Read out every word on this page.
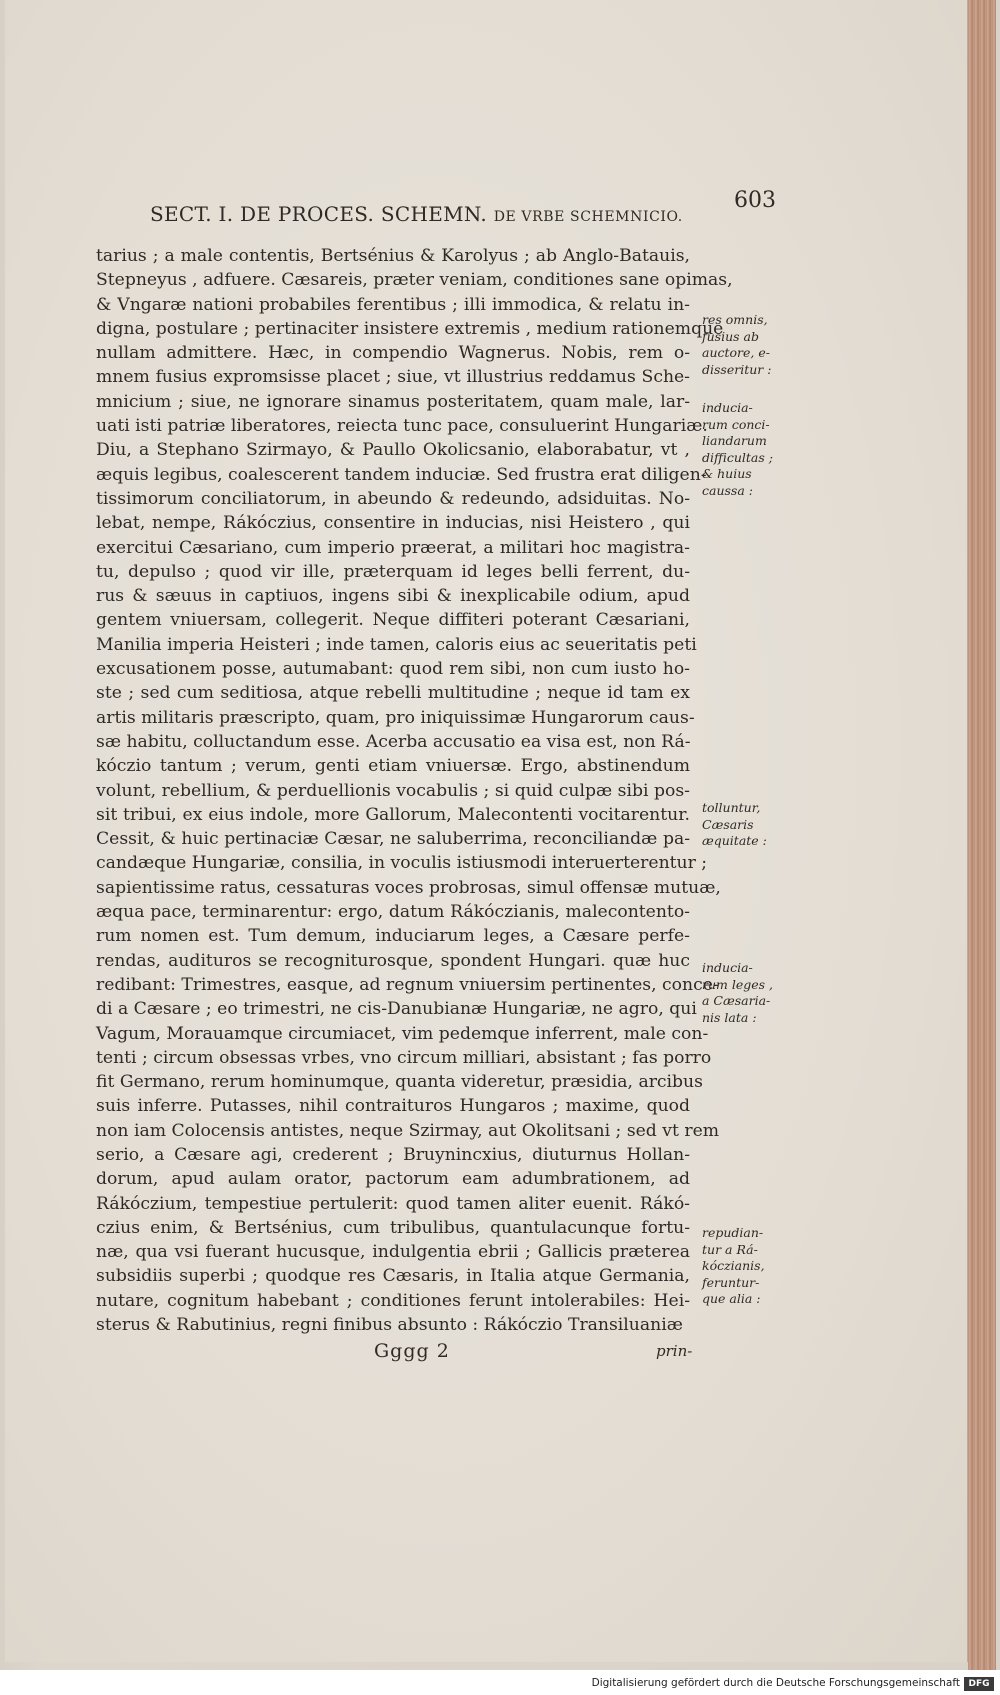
SECT. I. DE PROCES. SCHEMN. DE VRBE SCHEMNICIO.
603
tarius ; a male contentis, Bertsénius & Karolyus ; ab Anglo-Batauis,
Stepneyus , adfuere. Cæsareis, præter veniam, conditiones sane opimas,
& Vngaræ nationi probabiles ferentibus ; illi immodica, & relatu in-
digna, postulare ; pertinaciter insistere extremis , medium rationemque
nullam admittere. Hæc, in compendio Wagnerus. Nobis, rem o-
mnem fusius expromsisse placet ; siue, vt illustrius reddamus Sche-
mnicium ; siue, ne ignorare sinamus posteritatem, quam male, lar-
uati isti patriæ liberatores, reiecta tunc pace, consuluerint Hungariæ.
Diu, a Stephano Szirmayo, & Paullo Okolicsanio, elaborabatur, vt ,
æquis legibus, coalescerent tandem induciæ. Sed frustra erat diligen-
tissimorum conciliatorum, in abeundo & redeundo, adsiduitas. No-
lebat, nempe, Rákóczius, consentire in inducias, nisi Heistero , qui
exercitui Cæsariano, cum imperio præerat, a militari hoc magistra-
tu, depulso ; quod vir ille, præterquam id leges belli ferrent, du-
rus & sæuus in captiuos, ingens sibi & inexplicabile odium, apud
gentem vniuersam, collegerit. Neque diffiteri poterant Cæsariani,
Manilia imperia Heisteri ; inde tamen, caloris eius ac seueritatis peti
excusationem posse, autumabant: quod rem sibi, non cum iusto ho-
ste ; sed cum seditiosa, atque rebelli multitudine ; neque id tam ex
artis militaris præscripto, quam, pro iniquissimæ Hungarorum caus-
sæ habitu, colluctandum esse. Acerba accusatio ea visa est, non Rá-
kóczio tantum ; verum, genti etiam vniuersæ. Ergo, abstinendum
volunt, rebellium, & perduellionis vocabulis ; si quid culpæ sibi pos-
sit tribui, ex eius indole, more Gallorum, Malecontenti vocitarentur.
Cessit, & huic pertinaciæ Cæsar, ne saluberrima, reconciliandæ pa-
candæque Hungariæ, consilia, in voculis istiusmodi interuerterentur ;
sapientissime ratus, cessaturas voces probrosas, simul offensæ mutuæ,
æqua pace, terminarentur: ergo, datum Rákóczianis, malecontento-
rum nomen est. Tum demum, induciarum leges, a Cæsare perfe-
rendas, audituros se recogniturosque, spondent Hungari. quæ huc
redibant: Trimestres, easque, ad regnum vniuersim pertinentes, conce-
di a Cæsare ; eo trimestri, ne cis-Danubianæ Hungariæ, ne agro, qui
Vagum, Morauamque circumiacet, vim pedemque inferrent, male con-
tenti ; circum obsessas vrbes, vno circum milliari, absistant ; fas porro
fit Germano, rerum hominumque, quanta videretur, præsidia, arcibus
suis inferre. Putasses, nihil contraituros Hungaros ; maxime, quod
non iam Colocensis antistes, neque Szirmay, aut Okolitsani ; sed vt rem
serio, a Cæsare agi, crederent ; Bruynincxius, diuturnus Hollan-
dorum, apud aulam orator, pactorum eam adumbrationem, ad
Rákóczium, tempestiue pertulerit: quod tamen aliter euenit. Rákó-
czius enim, & Bertsénius, cum tribulibus, quantulacunque fortu-
næ, qua vsi fuerant hucusque, indulgentia ebrii ; Gallicis præterea
subsidiis superbi ; quodque res Cæsaris, in Italia atque Germania,
nutare, cognitum habebant ; conditiones ferunt intolerabiles: Hei-
sterus & Rabutinius, regni finibus absunto : Rákóczio Transiluaniæ
res omnis,
fusius ab
auctore, e-
disseritur :
inducia-
rum conci-
liandarum
difficultas ;
& huius
caussa :
tolluntur,
Cæsaris
æquitate :
inducia-
rum leges ,
a Cæsaria-
nis lata :
repudian-
tur a Rá-
kóczianis,
feruntur-
que alia :
Gggg 2	prin-
Digitalisierung gefördert durch die Deutsche Forschungsgemeinschaft DFG
